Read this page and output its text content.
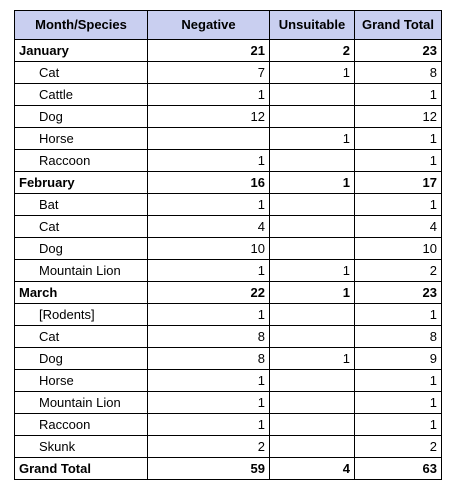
Month/Species	Negative	Unsuitable	Grand Total
January	21	2	23
Cat	7	1	8
Cattle	1		1
Dog	12		12
Horse		1	1
Raccoon	1		1
February	16	1	17
Bat	1		1
Cat	4		4
Dog	10		10
Mountain Lion	1	1	2
March	22	1	23
[Rodents]	1		1
Cat	8		8
Dog	8	1	9
Horse	1		1
Mountain Lion	1		1
Raccoon	1		1
Skunk	2		2
Grand Total	59	4	63
